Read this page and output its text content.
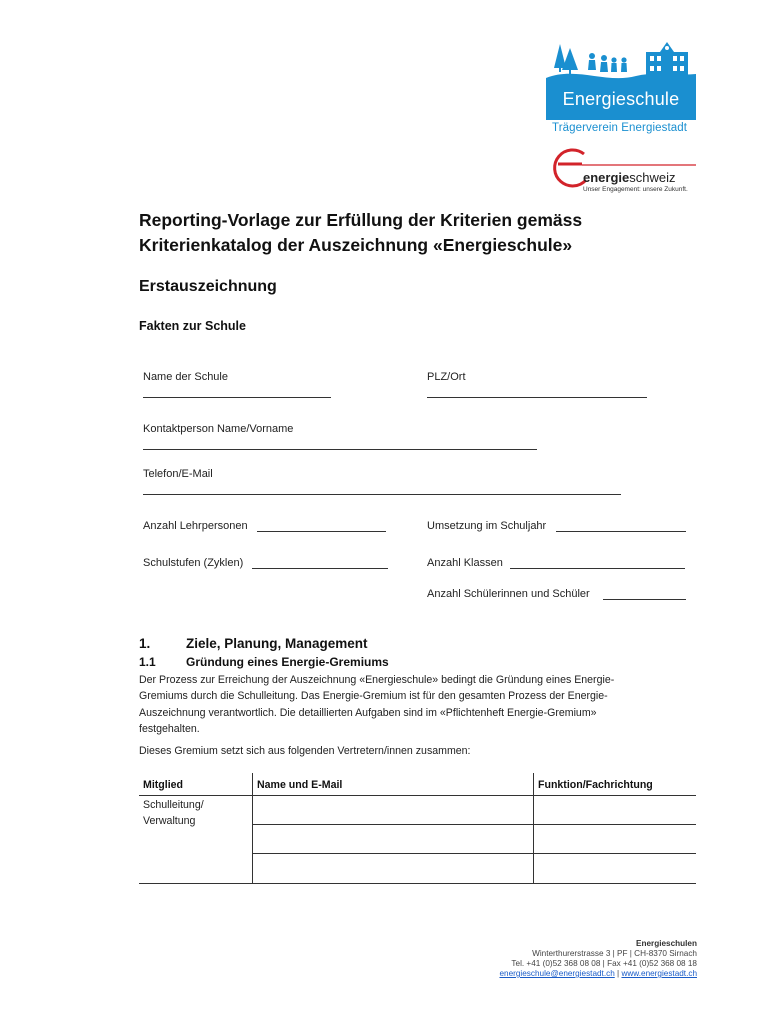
Energieschule
Trägerverein Energiestadt
energieschweiz
Unser Engagement: unsere Zukunft.
Reporting-Vorlage zur Erfüllung der Kriterien gemäss
Kriterienkatalog der Auszeichnung «Energieschule»
Erstauszeichnung
Fakten zur Schule
Name der Schule	PLZ/Ort
Kontaktperson Name/Vorname
Telefon/E-Mail
Anzahl Lehrpersonen	Umsetzung im Schuljahr
Schulstufen (Zyklen)	Anzahl Klassen
Anzahl Schülerinnen und Schüler
1.	Ziele, Planung, Management
1.1	Gründung eines Energie-Gremiums
Der Prozess zur Erreichung der Auszeichnung «Energieschule» bedingt die Gründung eines Energie-
Gremiums durch die Schulleitung. Das Energie-Gremium ist für den gesamten Prozess der Energie-
Auszeichnung verantwortlich. Die detaillierten Aufgaben sind im «Pflichtenheft Energie-Gremium»
festgehalten.
Dieses Gremium setzt sich aus folgenden Vertretern/innen zusammen:
Mitglied	Name und E-Mail	Funktion/Fachrichtung
Schulleitung/
Verwaltung
Energieschulen
Winterthurerstrasse 3 | PF | CH-8370 Sirnach
Tel. +41 (0)52 368 08 08 | Fax +41 (0)52 368 08 18
energieschule@energiestadt.ch | www.energiestadt.ch
